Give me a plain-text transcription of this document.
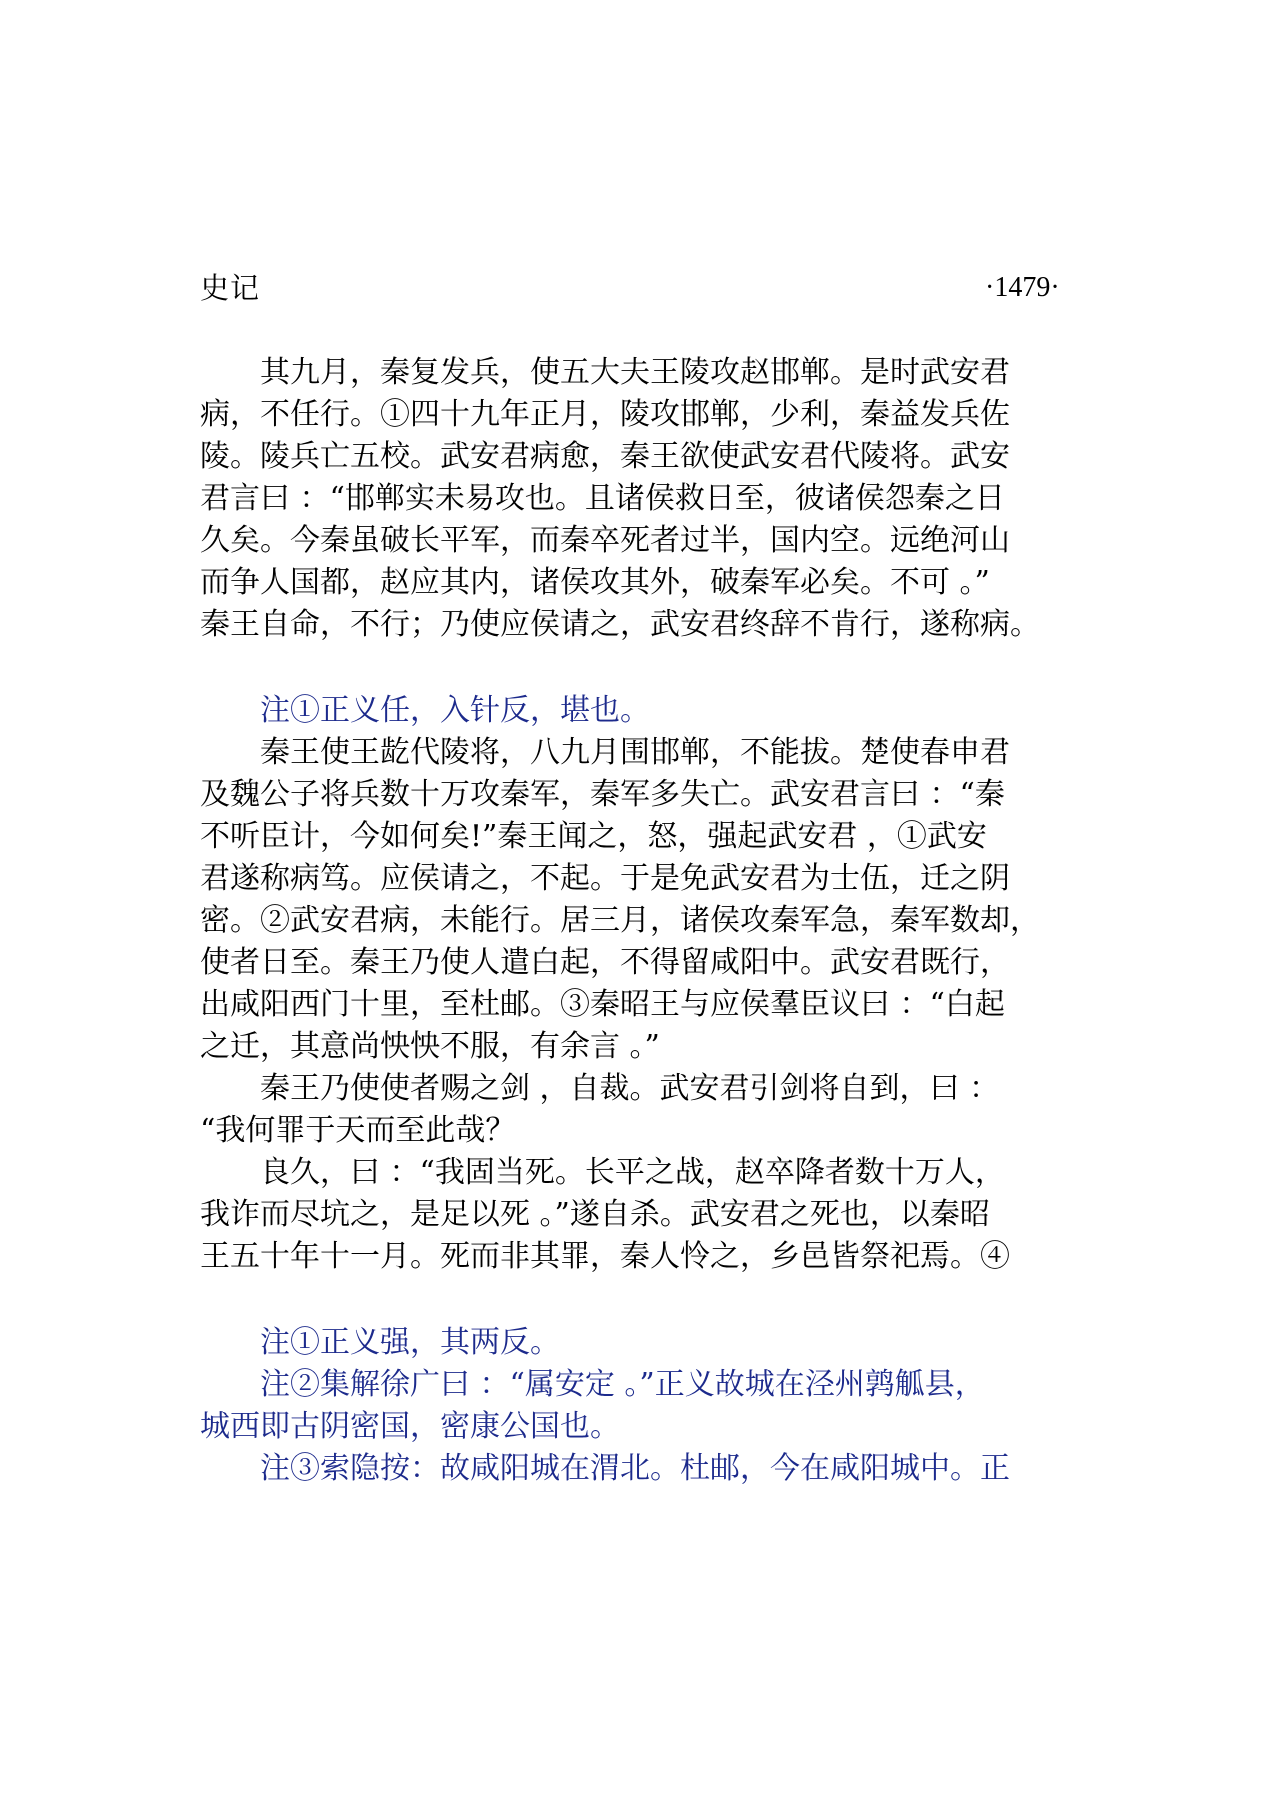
史记	·1479·
　　其九月，秦复发兵，使五大夫王陵攻赵邯郸。是时武安君
病，不任行。①四十九年正月，陵攻邯郸，少利，秦益发兵佐
陵。陵兵亡五校。武安君病愈，秦王欲使武安君代陵将。武安
君言曰 ：“邯郸实未易攻也。且诸侯救日至，彼诸侯怨秦之日
久矣。今秦虽破长平军，而秦卒死者过半，国内空。远绝河山
而争人国都，赵应其内，诸侯攻其外，破秦军必矣。不可 。”
秦王自命，不行；乃使应侯请之，武安君终辞不肯行，遂称病。
　　注①正义任，入针反，堪也。
　　秦王使王龁代陵将，八九月围邯郸，不能拔。楚使春申君
及魏公子将兵数十万攻秦军，秦军多失亡。武安君言曰 ：“秦
不听臣计，今如何矣!”秦王闻之，怒，强起武安君 ，①武安
君遂称病笃。应侯请之，不起。于是免武安君为士伍，迁之阴
密。②武安君病，未能行。居三月，诸侯攻秦军急，秦军数却，
使者日至。秦王乃使人遣白起，不得留咸阳中。武安君既行，
出咸阳西门十里，至杜邮。③秦昭王与应侯羣臣议曰 ：“白起
之迁，其意尚怏怏不服，有余言 。”
　　秦王乃使使者赐之剑 ，自裁。武安君引剑将自到，曰 ：
“我何罪于天而至此哉？
　　良久，曰 ：“我固当死。长平之战，赵卒降者数十万人，
我诈而尽坑之，是足以死 。”遂自杀。武安君之死也，以秦昭
王五十年十一月。死而非其罪，秦人怜之，乡邑皆祭祀焉。④
　　注①正义强，其两反。
　　注②集解徐广曰 ：“属安定 。”正义故城在泾州鹑觚县，
城西即古阴密国，密康公国也。
　　注③索隐按：故咸阳城在渭北。杜邮，今在咸阳城中。正
